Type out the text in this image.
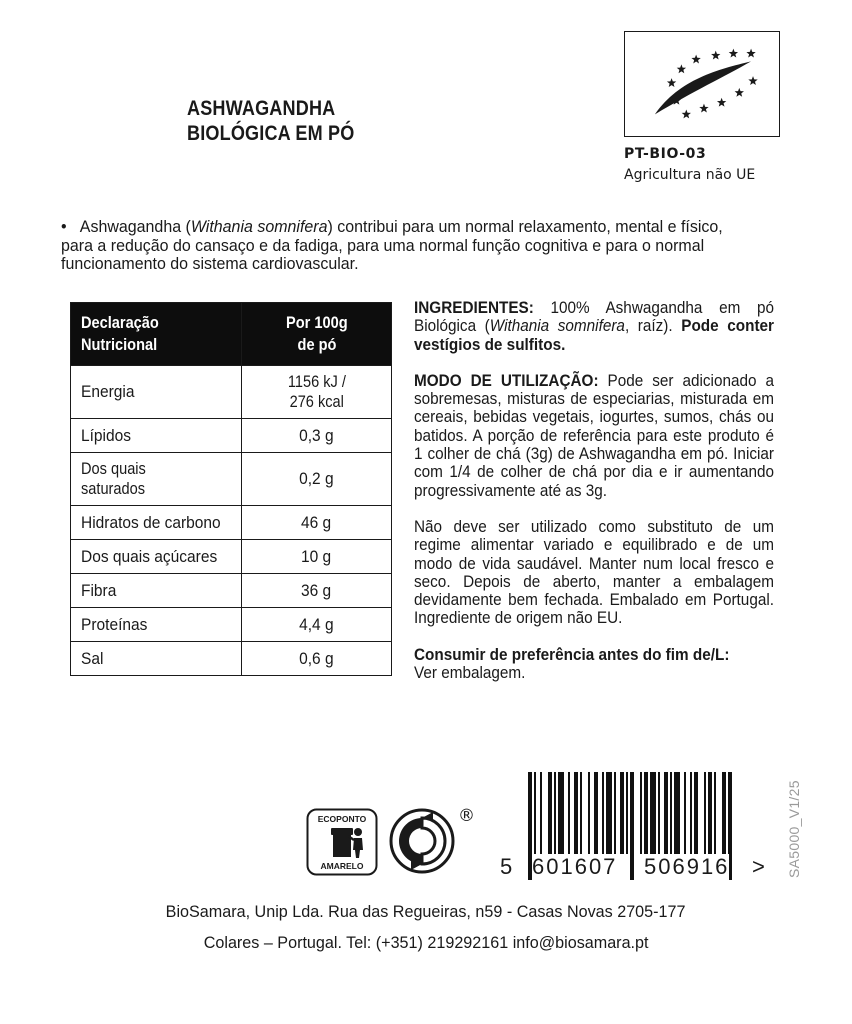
ASHWAGANDHA
BIOLÓGICA EM PÓ
PT-BIO-03
Agricultura não UE
• Ashwagandha (Withania somnifera) contribui para um normal relaxamento, mental e físico, para a redução do cansaço e da fadiga, para uma normal função cognitiva e para o normal funcionamento do sistema cardiovascular.
Declaração
Nutricional	Por 100g
de pó
Energia	1156 kJ /
276 kcal
Lípidos	0,3 g
Dos quais
saturados	0,2 g
Hidratos de carbono	46 g
Dos quais açúcares	10 g
Fibra	36 g
Proteínas	4,4 g
Sal	0,6 g

INGREDIENTES: 100% Ashwagandha em pó Biológica (Withania somnifera, raíz). Pode conter vestígios de sulfitos.

MODO DE UTILIZAÇÃO: Pode ser adicionado a sobremesas, misturas de especiarias, misturada em cereais, bebidas vegetais, iogurtes, sumos, chás ou batidos. A porção de referência para este produto é 1 colher de chá (3g) de Ashwagandha em pó. Iniciar com 1/4 de colher de chá por dia e ir aumentando progressivamente até as 3g.

Não deve ser utilizado como substituto de um regime alimentar variado e equilibrado e de um modo de vida saudável. Manter num local fresco e seco. Depois de aberto, manter a embalagem devidamente bem fechada. Embalado em Portugal. Ingrediente de origem não EU.

Consumir de preferência antes do fim de/L:
Ver embalagem.

ECOPONTO
AMARELO
®
5 601607 506916 > SA5000_V1/25
BioSamara, Unip Lda. Rua das Regueiras, n59 - Casas Novas 2705-177
Colares – Portugal. Tel: (+351) 219292161 info@biosamara.pt
